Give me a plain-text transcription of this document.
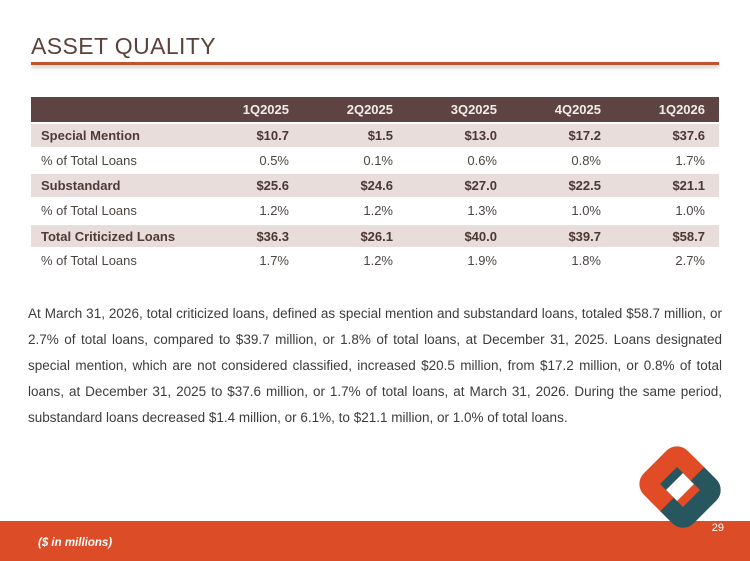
ASSET QUALITY
	1Q2025	2Q2025	3Q2025	4Q2025	1Q2026
Special Mention	$10.7	$1.5	$13.0	$17.2	$37.6
% of Total Loans	0.5%	0.1%	0.6%	0.8%	1.7%
Substandard	$25.6	$24.6	$27.0	$22.5	$21.1
% of Total Loans	1.2%	1.2%	1.3%	1.0%	1.0%
Total Criticized Loans	$36.3	$26.1	$40.0	$39.7	$58.7
% of Total Loans	1.7%	1.2%	1.9%	1.8%	2.7%

At March 31, 2026, total criticized loans, defined as special mention and substandard loans, totaled $58.7 million, or 2.7% of total loans, compared to $39.7 million, or 1.8% of total loans, at December 31, 2025. Loans designated special mention, which are not considered classified, increased $20.5 million, from $17.2 million, or 0.8% of total loans, at December 31, 2025 to $37.6 million, or 1.7% of total loans, at March 31, 2026. During the same period, substandard loans decreased $1.4 million, or 6.1%, to $21.1 million, or 1.0% of total loans.

($ in millions)
29
